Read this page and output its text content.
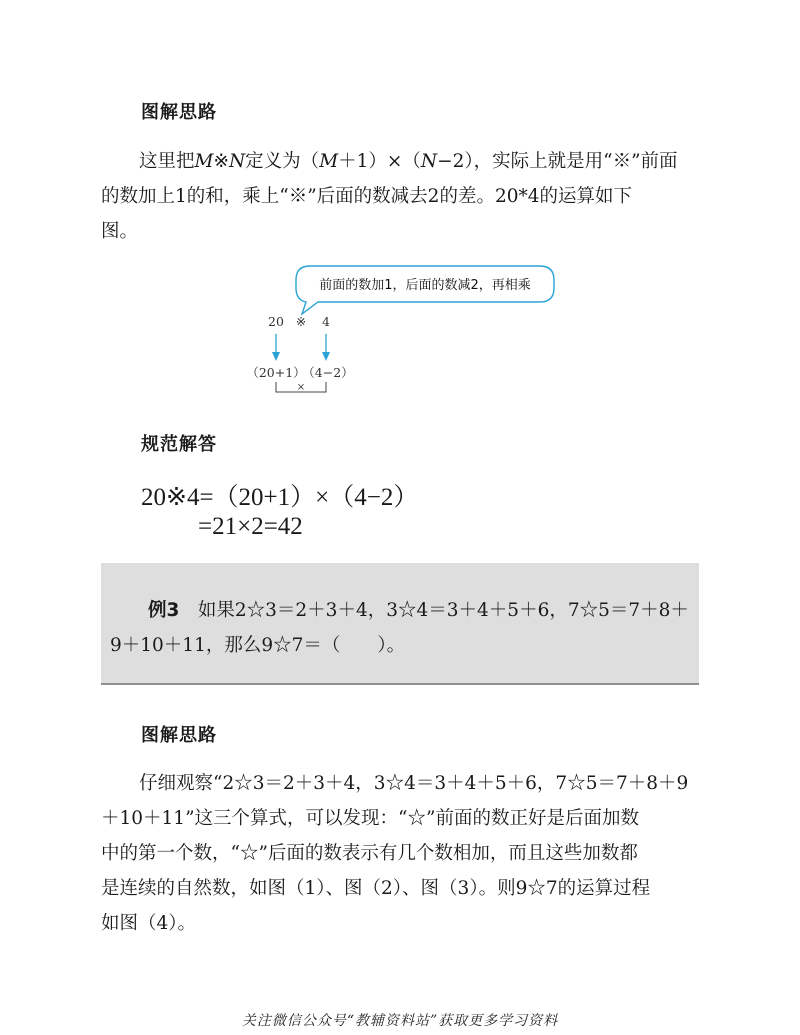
图解思路
这里把M※N定义为（M＋1）×（N−2），实际上就是用“※”前面
的数加上1的和，乘上“※”后面的数减去2的差。20*4的运算如下
图。
前面的数加1，后面的数减2，再相乘
20 ※ 4
（20+1）
（4−2）
×
规范解答
20※4=（20+1）×（4−2）
=21×2=42
例3  如果2☆3＝2＋3＋4，3☆4＝3＋4＋5＋6，7☆5＝7＋8＋
9＋10＋11，那么9☆7＝（　　）。
图解思路
仔细观察“2☆3＝2＋3＋4，3☆4＝3＋4＋5＋6，7☆5＝7＋8＋9
＋10＋11”这三个算式，可以发现：“☆”前面的数正好是后面加数
中的第一个数，“☆”后面的数表示有几个数相加，而且这些加数都
是连续的自然数，如图（1）、图（2）、图（3）。则9☆7的运算过程
如图（4）。
关注微信公众号“教辅资料站”获取更多学习资料
